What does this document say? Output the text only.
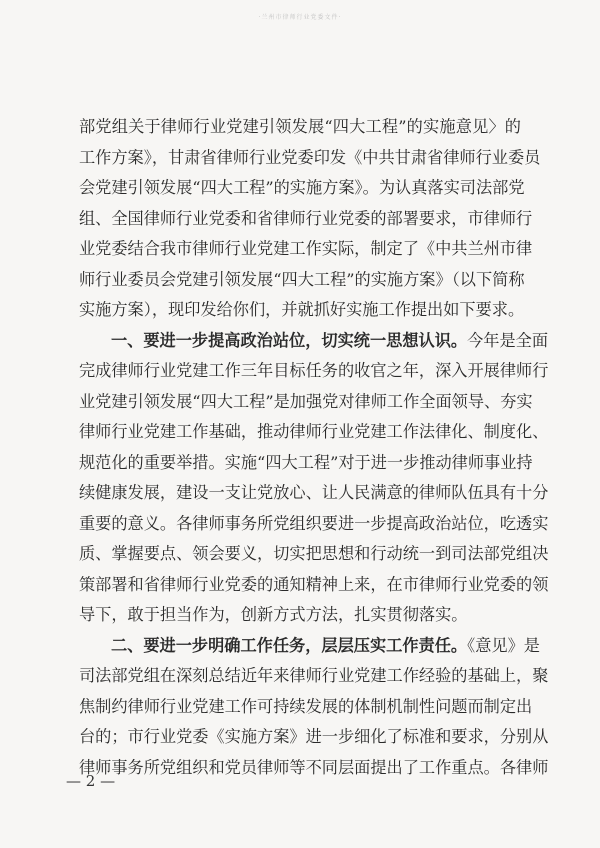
·兰州市律师行业党委文件·
部党组关于律师行业党建引领发展“四大工程”的实施意见〉的
工作方案》，甘肃省律师行业党委印发《中共甘肃省律师行业委员
会党建引领发展“四大工程”的实施方案》。为认真落实司法部党
组、全国律师行业党委和省律师行业党委的部署要求，市律师行
业党委结合我市律师行业党建工作实际，制定了《中共兰州市律
师行业委员会党建引领发展“四大工程”的实施方案》（以下简称
实施方案），现印发给你们，并就抓好实施工作提出如下要求。
一、要进一步提高政治站位，切实统一思想认识。今年是全面
完成律师行业党建工作三年目标任务的收官之年，深入开展律师行
业党建引领发展“四大工程”是加强党对律师工作全面领导、夯实
律师行业党建工作基础，推动律师行业党建工作法律化、制度化、
规范化的重要举措。实施“四大工程”对于进一步推动律师事业持
续健康发展，建设一支让党放心、让人民满意的律师队伍具有十分
重要的意义。各律师事务所党组织要进一步提高政治站位，吃透实
质、掌握要点、领会要义，切实把思想和行动统一到司法部党组决
策部署和省律师行业党委的通知精神上来，在市律师行业党委的领
导下，敢于担当作为，创新方式方法，扎实贯彻落实。
二、要进一步明确工作任务，层层压实工作责任。《意见》是
司法部党组在深刻总结近年来律师行业党建工作经验的基础上，聚
焦制约律师行业党建工作可持续发展的体制机制性问题而制定出
台的；市行业党委《实施方案》进一步细化了标准和要求，分别从
律师事务所党组织和党员律师等不同层面提出了工作重点。各律师
— 2 —
